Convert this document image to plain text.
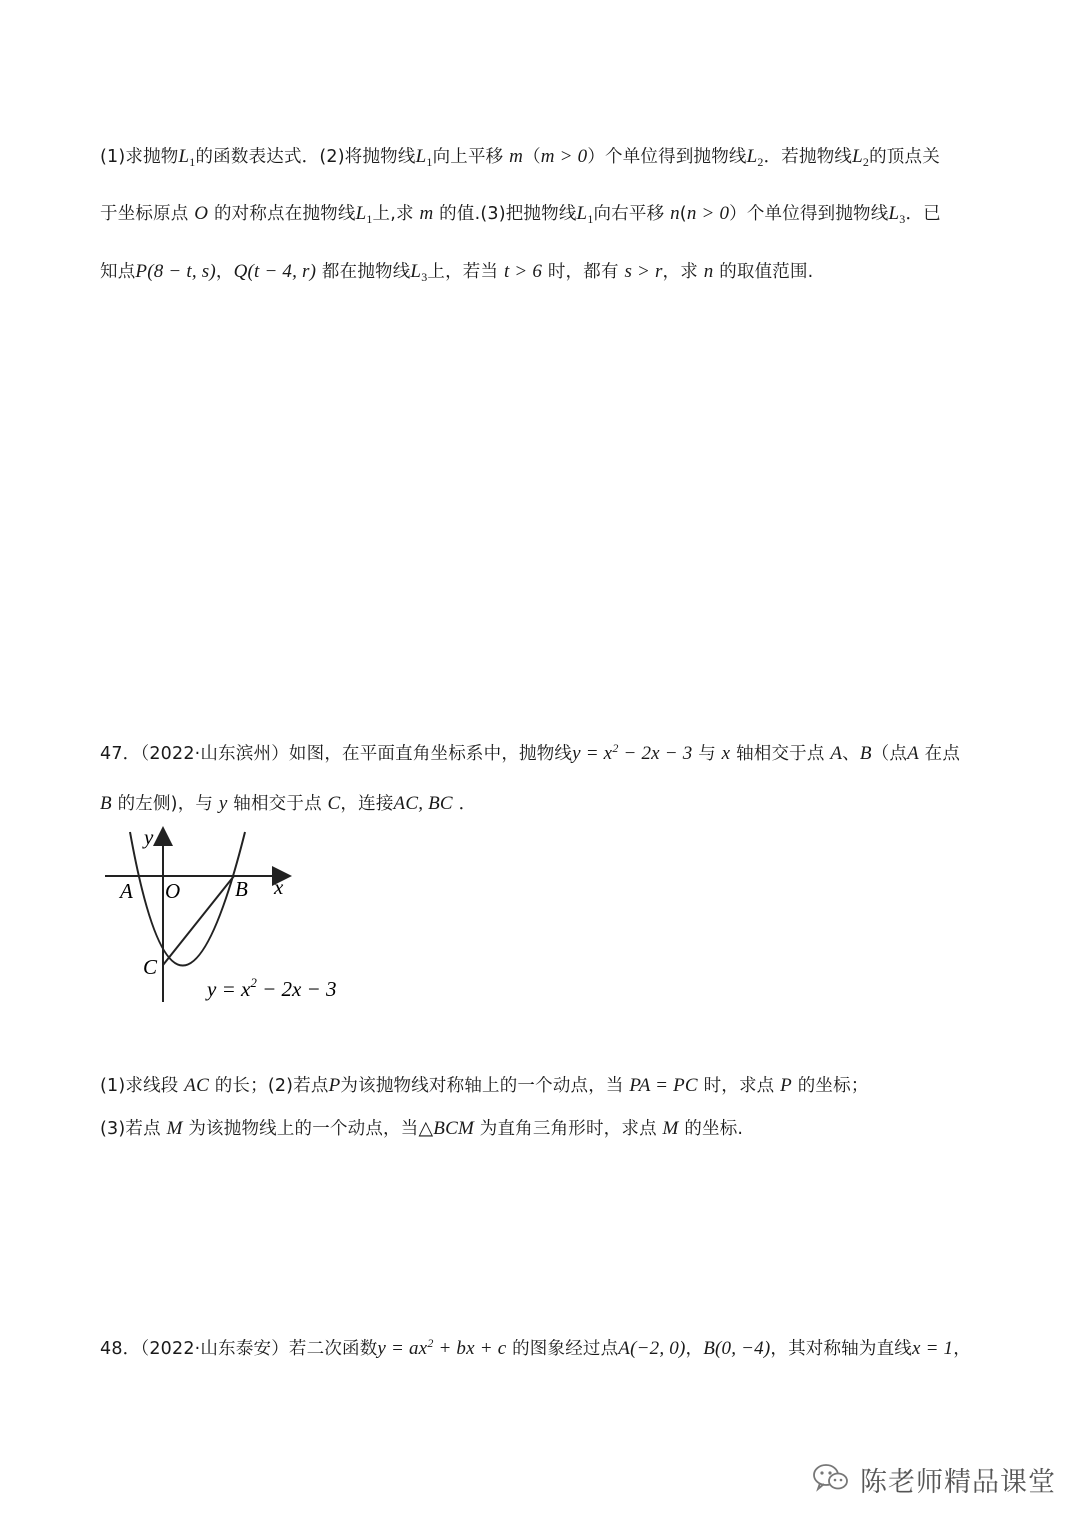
(1)求抛物$L_1$的函数表达式．(2)将抛物线$L_1$向上平移 m（m > 0）个单位得到抛物线$L_2$．若抛物线$L_2$的顶点关
于坐标原点 O 的对称点在抛物线$L_1$上,求 m 的值.(3)把抛物线$L_1$向右平移 n(n > 0）个单位得到抛物线$L_3$．已
知点P(8 − t, s)，Q(t − 4, r) 都在抛物线$L_3$上，若当 t > 6 时，都有 s > r，求 n 的取值范围.
47．（2022·山东滨州）如图，在平面直角坐标系中，抛物线$y = x^2 - 2x - 3$ 与 x 轴相交于点 A、B（点A 在点
B 的左侧)，与 y 轴相交于点 C，连接AC, BC ．
y
x
A O	B
C
$y = x^2 - 2x - 3$
(1)求线段 AC 的长；(2)若点P为该抛物线对称轴上的一个动点，当 PA = PC 时，求点 P 的坐标；
(3)若点 M 为该抛物线上的一个动点，当△BCM 为直角三角形时，求点 M 的坐标.
48．（2022·山东泰安）若二次函数$y = ax^2$ + bx + c 的图象经过点A(−2, 0)，B(0, −4)，其对称轴为直线x = 1，
陈老师精品课堂
